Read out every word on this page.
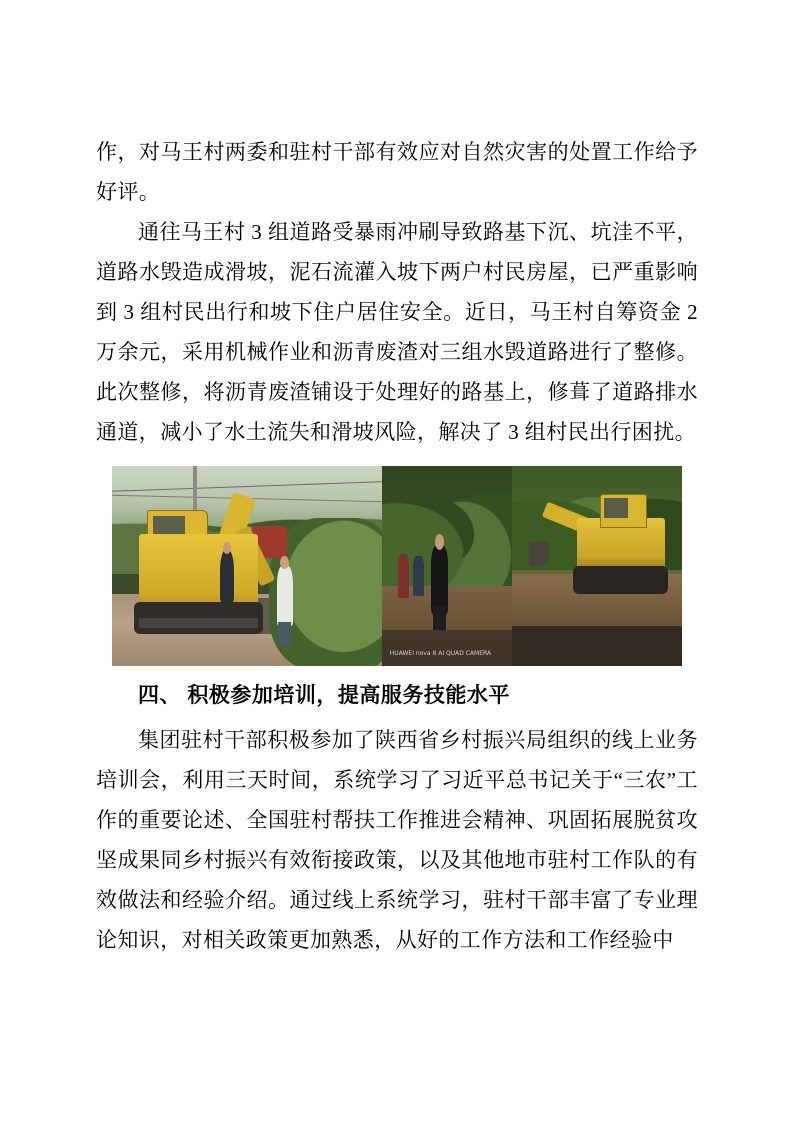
作，对马王村两委和驻村干部有效应对自然灾害的处置工作给予好评。

通往马王村 3 组道路受暴雨冲刷导致路基下沉、坑洼不平，道路水毁造成滑坡，泥石流灌入坡下两户村民房屋，已严重影响到 3 组村民出行和坡下住户居住安全。近日，马王村自筹资金 2 万余元，采用机械作业和沥青废渣对三组水毁道路进行了整修。此次整修，将沥青废渣铺设于处理好的路基上，修葺了道路排水通道，减小了水土流失和滑坡风险，解决了 3 组村民出行困扰。

HUAWEI nova 8 AI QUAD CAMERA
四、 积极参加培训，提高服务技能水平

集团驻村干部积极参加了陕西省乡村振兴局组织的线上业务培训会，利用三天时间，系统学习了习近平总书记关于“三农”工作的重要论述、全国驻村帮扶工作推进会精神、巩固拓展脱贫攻坚成果同乡村振兴有效衔接政策，以及其他地市驻村工作队的有效做法和经验介绍。通过线上系统学习，驻村干部丰富了专业理论知识，对相关政策更加熟悉，从好的工作方法和工作经验中
